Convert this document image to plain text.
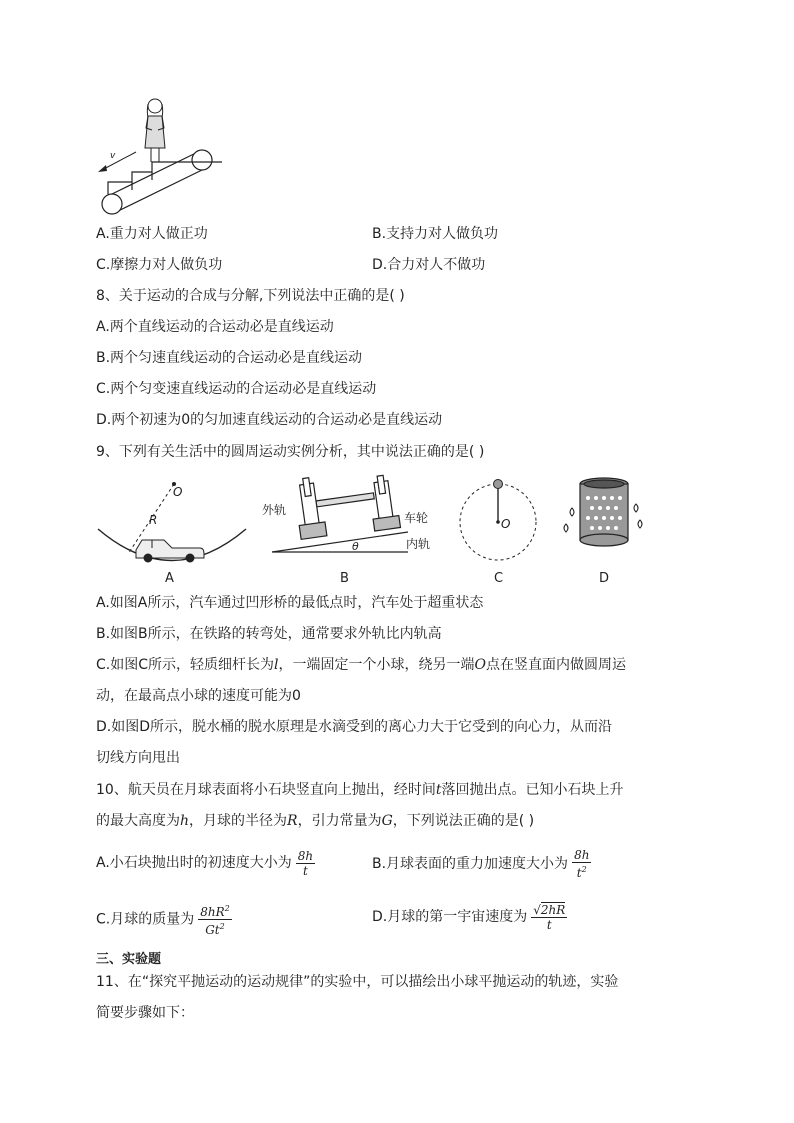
v
A.重力对人做正功	B.支持力对人做负功
C.摩擦力对人做负功	D.合力对人不做功
8、关于运动的合成与分解,下列说法中正确的是( )
A.两个直线运动的合运动必是直线运动
B.两个匀速直线运动的合运动必是直线运动
C.两个匀变速直线运动的合运动必是直线运动
D.两个初速为0的匀加速直线运动的合运动必是直线运动
9、下列有关生活中的圆周运动实例分析，其中说法正确的是( )
O
R
A
θ
外轨
车轮
内轨
B
O
C	D
A.如图A所示，汽车通过凹形桥的最低点时，汽车处于超重状态
B.如图B所示，在铁路的转弯处，通常要求外轨比内轨高
C.如图C所示，轻质细杆长为l，一端固定一个小球，绕另一端O点在竖直面内做圆周运
动，在最高点小球的速度可能为0
D.如图D所示，脱水桶的脱水原理是水滴受到的离心力大于它受到的向心力，从而沿
切线方向甩出
10、航天员在月球表面将小石块竖直向上抛出，经时间t落回抛出点。已知小石块上升
的最大高度为h，月球的半径为R，引力常量为G，下列说法正确的是( )
A.小石块抛出时的初速度大小为 $\frac{8h}{t}$	B.月球表面的重力加速度大小为 $\frac{8h}{t^2}$
C.月球的质量为 $\frac{8hR^2}{Gt^2}$	D.月球的第一宇宙速度为 $\frac{√2hR}{t}$
三、实验题
11、在“探究平抛运动的运动规律”的实验中，可以描绘出小球平抛运动的轨迹，实验
简要步骤如下：
